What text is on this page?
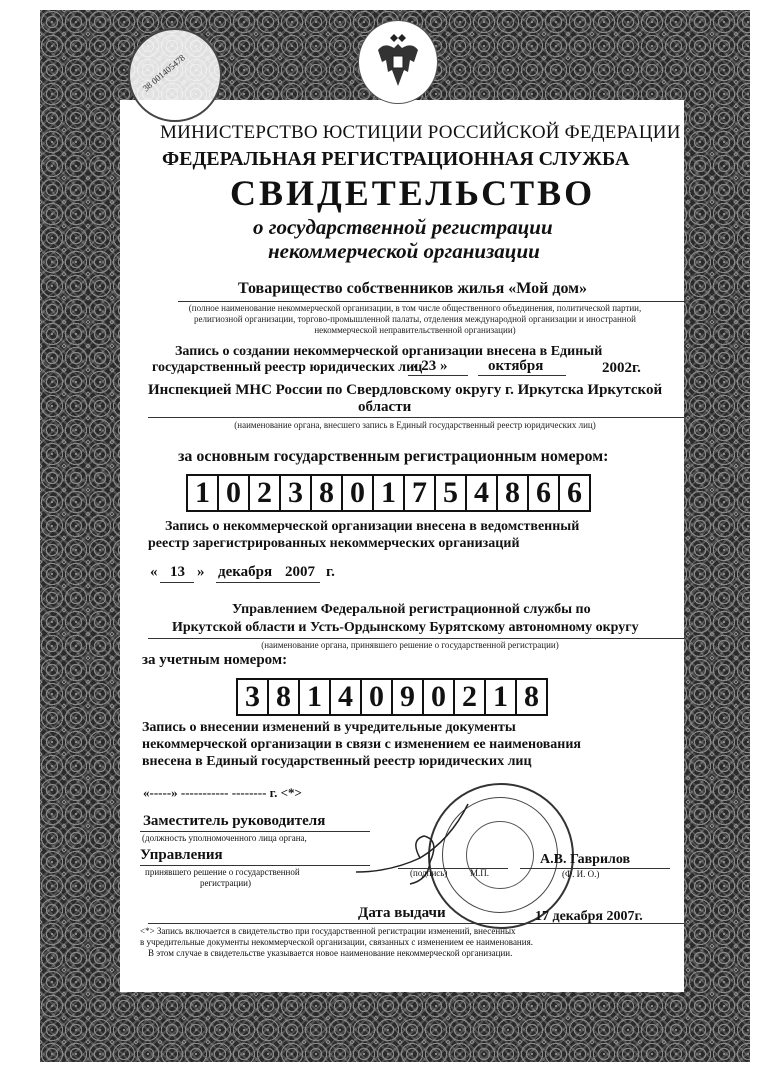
38 001405478
МИНИСТЕРСТВО ЮСТИЦИИ РОССИЙСКОЙ ФЕДЕРАЦИИ
ФЕДЕРАЛЬНАЯ РЕГИСТРАЦИОННАЯ СЛУЖБА
СВИДЕТЕЛЬСТВО
о государственной регистрации
некоммерческой организации
Товарищество собственников жилья «Мой дом»
(полное наименование некоммерческой организации, в том числе общественного объединения, политической партии, религиозной организации, торгово-промышленной палаты, отделения международной организации и иностранной некоммерческой неправительственной организации)
Запись о создании некоммерческой организации внесена в Единый
государственный реестр юридических лиц
« 23 »	октября	2002г.
Инспекцией МНС России по Свердловскому округу г. Иркутска Иркутской
области
(наименование органа, внесшего запись в Единый государственный реестр юридических лиц)
за основным государственным регистрационным номером:
1 0 2 3 8 0 1 7 5 4 8 6 6
Запись о некоммерческой организации внесена в ведомственный
реестр зарегистрированных некоммерческих организаций
« 13 » декабря 2007 г.
Управлением Федеральной регистрационной службы по
Иркутской области и Усть-Ордынскому Бурятскому автономному округу
(наименование органа, принявшего решение о государственной регистрации)
за учетным номером:
3 8 1 4 0 9 0 2 1 8
Запись о внесении изменений в учредительные документы
некоммерческой организации в связи с изменением ее наименования
внесена в Единый государственный реестр юридических лиц
«-----» ----------- -------- г. <*>
Заместитель руководителя
(должность уполномоченного лица органа,
Управления
принявшего решение о государственной
регистрации)
(подпись)	М.П.
А.В. Гаврилов
(Ф. И. О.)
Дата выдачи	17 декабря 2007г.
<*> Запись включается в свидетельство при государственной регистрации изменений, внесенных
в учредительные документы некоммерческой организации, связанных с изменением ее наименования.
В этом случае в свидетельстве указывается новое наименование некоммерческой организации.
